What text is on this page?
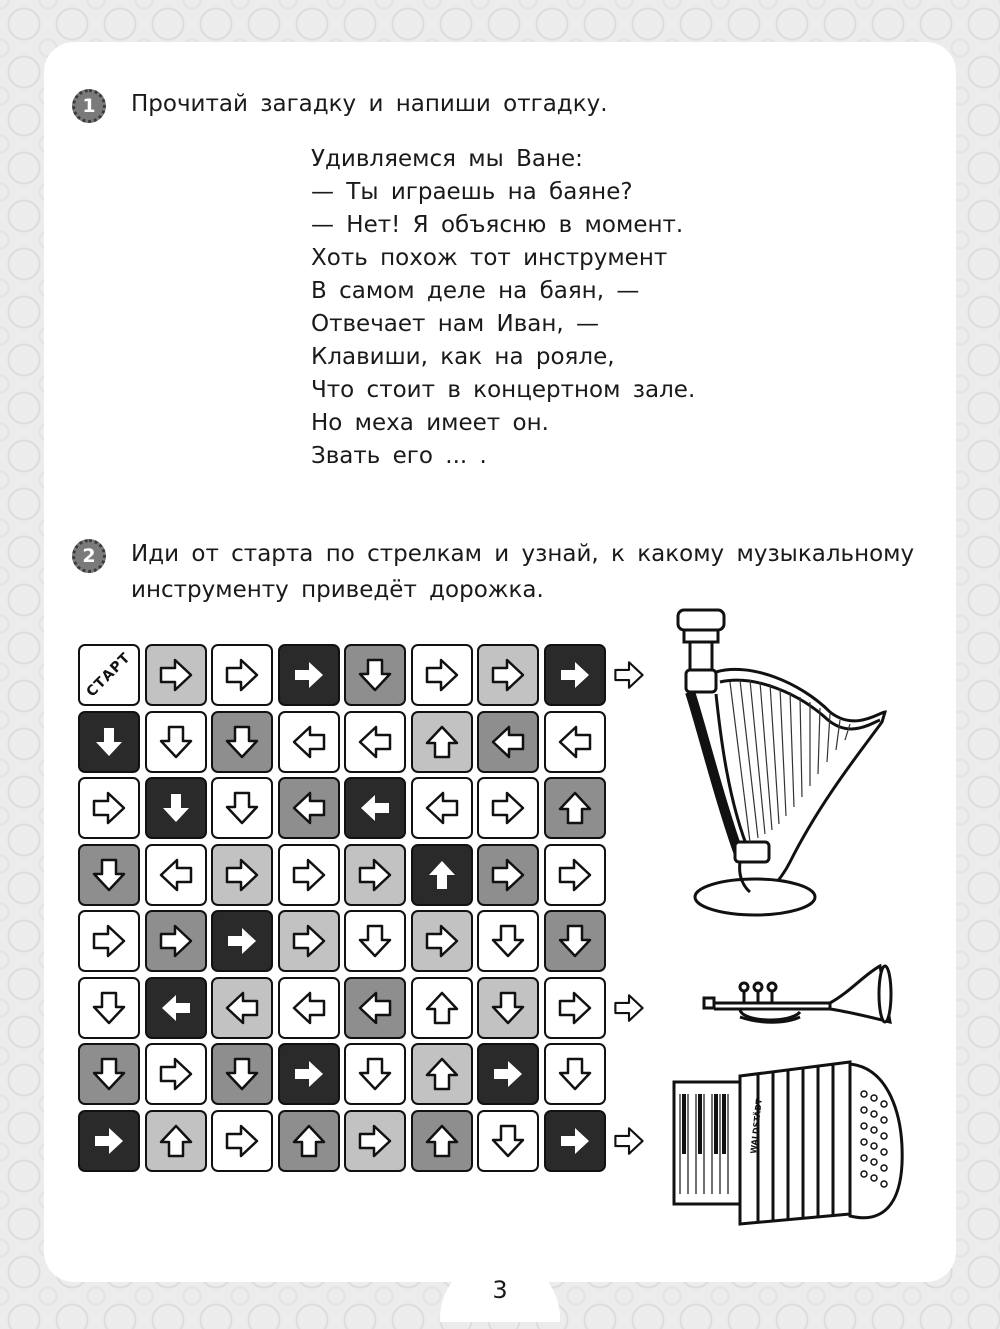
1	Прочитай загадку и напиши отгадку.
Удивляемся мы Ване:
— Ты играешь на баяне?
— Нет! Я объясню в момент.
Хоть похож тот инструмент
В самом деле на баян, —
Отвечает нам Иван, —
Клавиши, как на рояле,
Что стоит в концертном зале.
Но меха имеет он.
Звать его ... .
2	Иди от старта по стрелкам и узнай, к какому музыкальному
инструменту приведёт дорожка.
СТАРТ
WALDSTÄDT
3
